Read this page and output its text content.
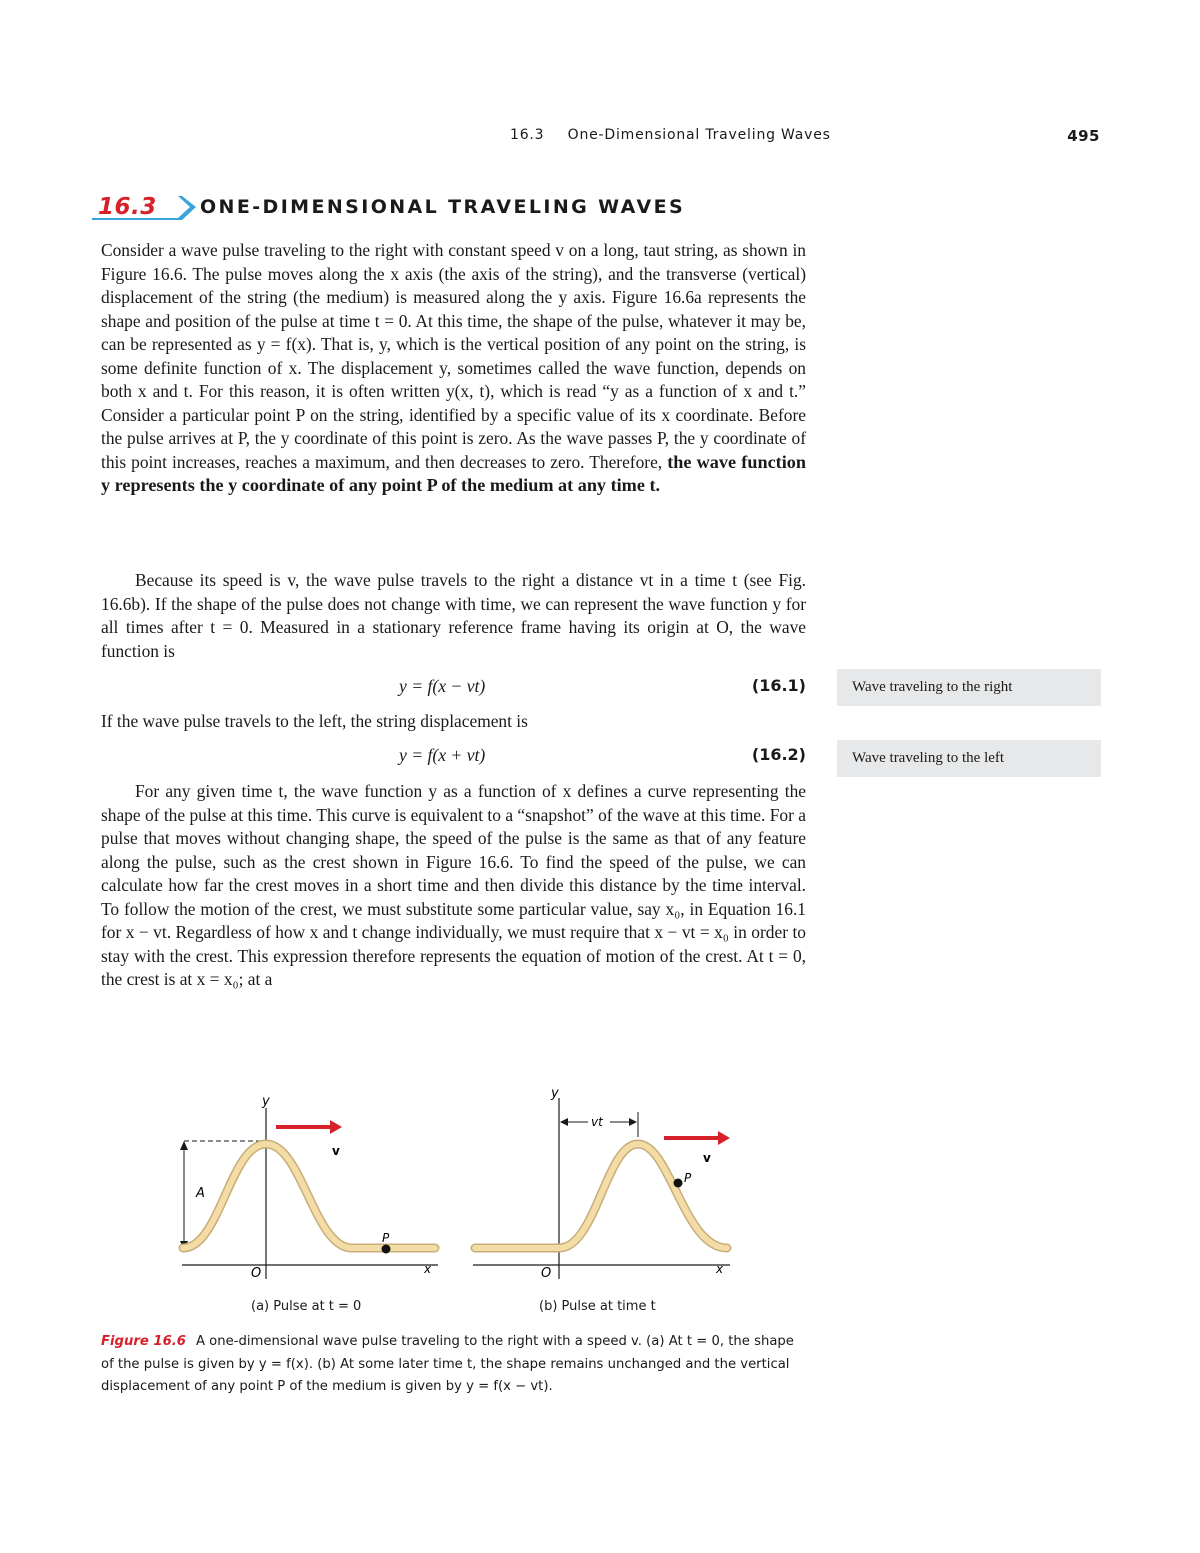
16.3 One-Dimensional Traveling Waves	495
16.3 ONE-DIMENSIONAL TRAVELING WAVES

Consider a wave pulse traveling to the right with constant speed v on a long, taut string, as shown in Figure 16.6. The pulse moves along the x axis (the axis of the string), and the transverse (vertical) displacement of the string (the medium) is measured along the y axis. Figure 16.6a represents the shape and position of the pulse at time t = 0. At this time, the shape of the pulse, whatever it may be, can be represented as y = f(x). That is, y, which is the vertical position of any point on the string, is some definite function of x. The displacement y, sometimes called the wave function, depends on both x and t. For this reason, it is often written y(x, t), which is read “y as a function of x and t.” Consider a particular point P on the string, identified by a specific value of its x coordinate. Before the pulse arrives at P, the y coordinate of this point is zero. As the wave passes P, the y coordinate of this point increases, reaches a maximum, and then decreases to zero. Therefore, the wave function y represents the y coordinate of any point P of the medium at any time t.

Because its speed is v, the wave pulse travels to the right a distance vt in a time t (see Fig. 16.6b). If the shape of the pulse does not change with time, we can represent the wave function y for all times after t = 0. Measured in a stationary reference frame having its origin at O, the wave function is

y = f(x − vt)	(16.1)	Wave traveling to the right

If the wave pulse travels to the left, the string displacement is

y = f(x + vt)	(16.2)	Wave traveling to the left

For any given time t, the wave function y as a function of x defines a curve representing the shape of the pulse at this time. This curve is equivalent to a “snapshot” of the wave at this time. For a pulse that moves without changing shape, the speed of the pulse is the same as that of any feature along the pulse, such as the crest shown in Figure 16.6. To find the speed of the pulse, we can calculate how far the crest moves in a short time and then divide this distance by the time interval. To follow the motion of the crest, we must substitute some particular value, say x₀, in Equation 16.1 for x − vt. Regardless of how x and t change individually, we must require that x − vt = x₀ in order to stay with the crest. This expression therefore represents the equation of motion of the crest. At t = 0, the crest is at x = x₀; at a

y
v
A
P
O	x
y
vt
v
P
O	x
(a) Pulse at t = 0	(b) Pulse at time t
Figure 16.6 A one-dimensional wave pulse traveling to the right with a speed v. (a) At t = 0, the shape of the pulse is given by y = f(x). (b) At some later time t, the shape remains unchanged and the vertical displacement of any point P of the medium is given by y = f(x − vt).
